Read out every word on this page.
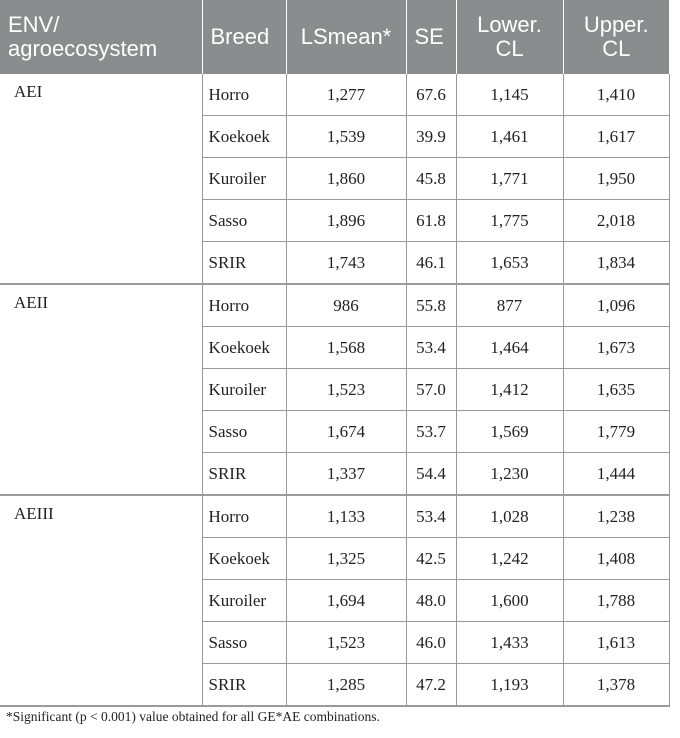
ENV/ agroecosystem	Breed	LSmean*	SE	Lower. CL	Upper. CL
AEI	Horro	1,277	67.6	1,145	1,410
	Koekoek	1,539	39.9	1,461	1,617
	Kuroiler	1,860	45.8	1,771	1,950
	Sasso	1,896	61.8	1,775	2,018
	SRIR	1,743	46.1	1,653	1,834
AEII	Horro	986	55.8	877	1,096
	Koekoek	1,568	53.4	1,464	1,673
	Kuroiler	1,523	57.0	1,412	1,635
	Sasso	1,674	53.7	1,569	1,779
	SRIR	1,337	54.4	1,230	1,444
AEIII	Horro	1,133	53.4	1,028	1,238
	Koekoek	1,325	42.5	1,242	1,408
	Kuroiler	1,694	48.0	1,600	1,788
	Sasso	1,523	46.0	1,433	1,613
	SRIR	1,285	47.2	1,193	1,378
*Significant (p < 0.001) value obtained for all GE*AE combinations.
